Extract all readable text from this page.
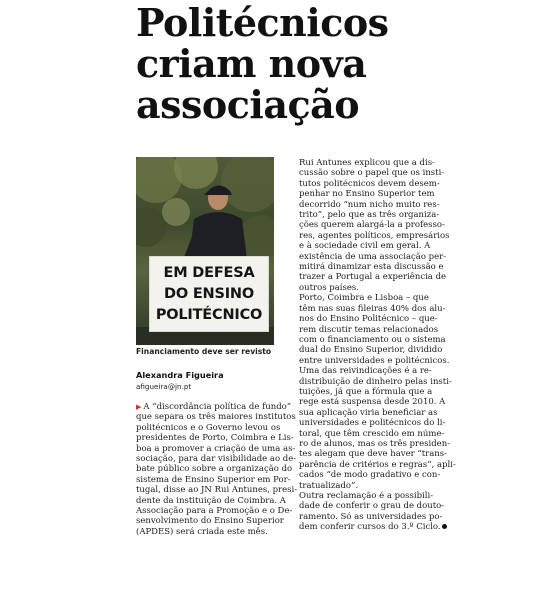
Politécnicos
criam nova
associação
EM DEFESA
DO ENSINO
POLITÉCNICO
Financiamento deve ser revisto
Alexandra Figueira
afigueira@jn.pt
▶ A “discordância política de fundo”
que separa os três maiores institutos
politécnicos e o Governo levou os
presidentes de Porto, Coimbra e Lis-
boa a promover a criação de uma as-
sociação, para dar visibilidade ao de-
bate público sobre a organização do
sistema de Ensino Superior em Por-
tugal, disse ao JN Rui Antunes, presi-
dente da instituição de Coimbra. A
Associação para a Promoção e o De-
senvolvimento do Ensino Superior
(APDES) será criada este mês.

Rui Antunes explicou que a dis-
cussão sobre o papel que os insti-
tutos politécnicos devem desem-
penhar no Ensino Superior tem
decorrido “num nicho muito res-
trito”, pelo que as três organiza-
ções querem alargá-la a professo-
res, agentes políticos, empresários
e à sociedade civil em geral. A
existência de uma associação per-
mitirá dinamizar esta discussão e
trazer a Portugal a experiência de
outros países.

Porto, Coimbra e Lisboa – que
têm nas suas fileiras 40% dos alu-
nos do Ensino Politécnico – que-
rem discutir temas relacionados
com o financiamento ou o sistema
dual do Ensino Superior, dividido
entre universidades e politécnicos.

Uma das reivindicações é a re-
distribuição de dinheiro pelas insti-
tuições, já que a fórmula que a
rege está suspensa desde 2010. A
sua aplicação viria beneficiar as
universidades e politécnicos do li-
toral, que têm crescido em núme-
ro de alunos, mas os três presiden-
tes alegam que deve haver “trans-
parência de critérios e regras”, apli-
cados “de modo gradativo e con-
tratualizado”.

Outra reclamação é a possibili-
dade de conferir o grau de douto-
ramento. Só as universidades po-
dem conferir cursos do 3.º Ciclo.
